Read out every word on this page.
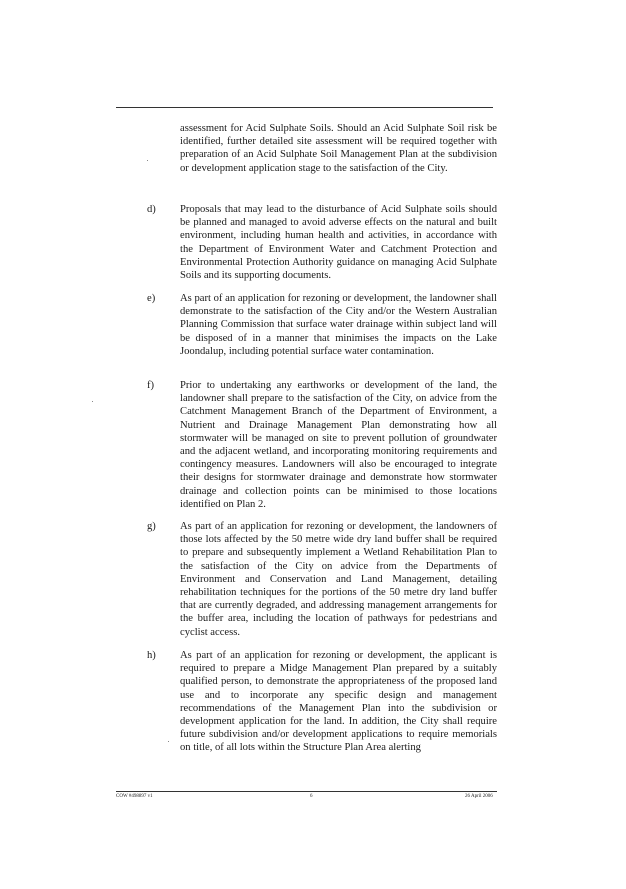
assessment for Acid Sulphate Soils. Should an Acid Sulphate Soil risk be identified, further detailed site assessment will be required together with preparation of an Acid Sulphate Soil Management Plan at the subdivision or development application stage to the satisfaction of the City.

d) Proposals that may lead to the disturbance of Acid Sulphate soils should be planned and managed to avoid adverse effects on the natural and built environment, including human health and activities, in accordance with the Department of Environment Water and Catchment Protection and Environmental Protection Authority guidance on managing Acid Sulphate Soils and its supporting documents.

e) As part of an application for rezoning or development, the landowner shall demonstrate to the satisfaction of the City and/or the Western Australian Planning Commission that surface water drainage within subject land will be disposed of in a manner that minimises the impacts on the Lake Joondalup, including potential surface water contamination.

f) Prior to undertaking any earthworks or development of the land, the landowner shall prepare to the satisfaction of the City, on advice from the Catchment Management Branch of the Department of Environment, a Nutrient and Drainage Management Plan demonstrating how all stormwater will be managed on site to prevent pollution of groundwater and the adjacent wetland, and incorporating monitoring requirements and contingency measures. Landowners will also be encouraged to integrate their designs for stormwater drainage and demonstrate how stormwater drainage and collection points can be minimised to those locations identified on Plan 2.

g) As part of an application for rezoning or development, the landowners of those lots affected by the 50 metre wide dry land buffer shall be required to prepare and subsequently implement a Wetland Rehabilitation Plan to the satisfaction of the City on advice from the Departments of Environment and Conservation and Land Management, detailing rehabilitation techniques for the portions of the 50 metre dry land buffer that are currently degraded, and addressing management arrangements for the buffer area, including the location of pathways for pedestrians and cyclist access.

h) As part of an application for rezoning or development, the applicant is required to prepare a Midge Management Plan prepared by a suitably qualified person, to demonstrate the appropriateness of the proposed land use and to incorporate any specific design and management recommendations of the Management Plan into the subdivision or development application for the land. In addition, the City shall require future subdivision and/or development applications to require memorials on title, of all lots within the Structure Plan Area alerting

COW #498897 v1	6	26 April 2006
